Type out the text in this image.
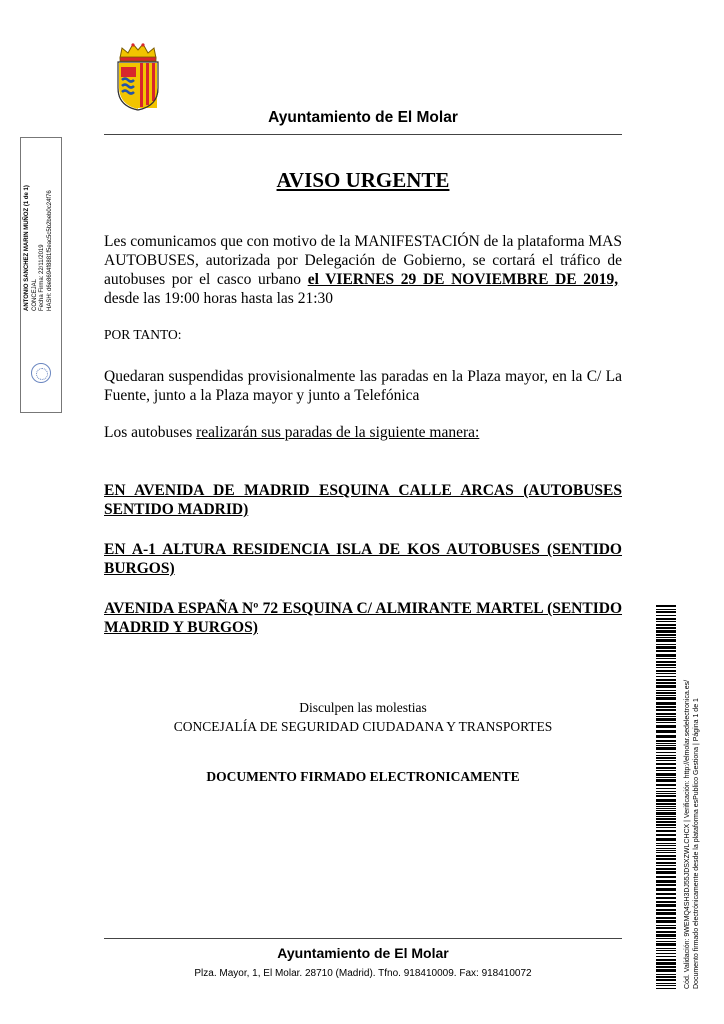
Ayuntamiento de El Molar
AVISO URGENTE
Les comunicamos que con motivo de la MANIFESTACIÓN de la plataforma MAS AUTOBUSES, autorizada por Delegación de Gobierno, se cortará el tráfico de autobuses por el casco urbano el VIERNES 29 DE NOVIEMBRE DE 2019,  desde las 19:00 horas hasta las 21:30
POR TANTO:
Quedaran suspendidas provisionalmente las paradas en la Plaza mayor, en la C/ La Fuente, junto a la Plaza mayor y junto a Telefónica
Los autobuses realizarán sus paradas de la siguiente manera:
EN AVENIDA DE MADRID ESQUINA CALLE ARCAS (AUTOBUSES SENTIDO MADRID)
EN A-1 ALTURA RESIDENCIA ISLA DE KOS AUTOBUSES (SENTIDO BURGOS)
AVENIDA ESPAÑA Nº 72 ESQUINA C/ ALMIRANTE MARTEL (SENTIDO MADRID Y BURGOS)
Disculpen las molestias
CONCEJALÍA DE SEGURIDAD CIUDADANA Y TRANSPORTES
DOCUMENTO FIRMADO ELECTRONICAMENTE
Ayuntamiento de El Molar
Plza. Mayor, 1, El Molar. 28710 (Madrid). Tfno. 918410009. Fax: 918410072
ANTONIO SANCHEZ MARIN MUÑOZ (1 de 1) CONCEJAL Fecha Firma: 22/11/2019 HASH: d6e8694f8881f5eac5c5b2beb0c24f76
Cód. Validación: 9WEMQ4SH3DJ55JDSXZWLCHCX | Verificación: http://elmolar.sedelectronica.es/ Documento firmado electrónicamente desde la plataforma esPublico Gestiona | Página 1 de 1
